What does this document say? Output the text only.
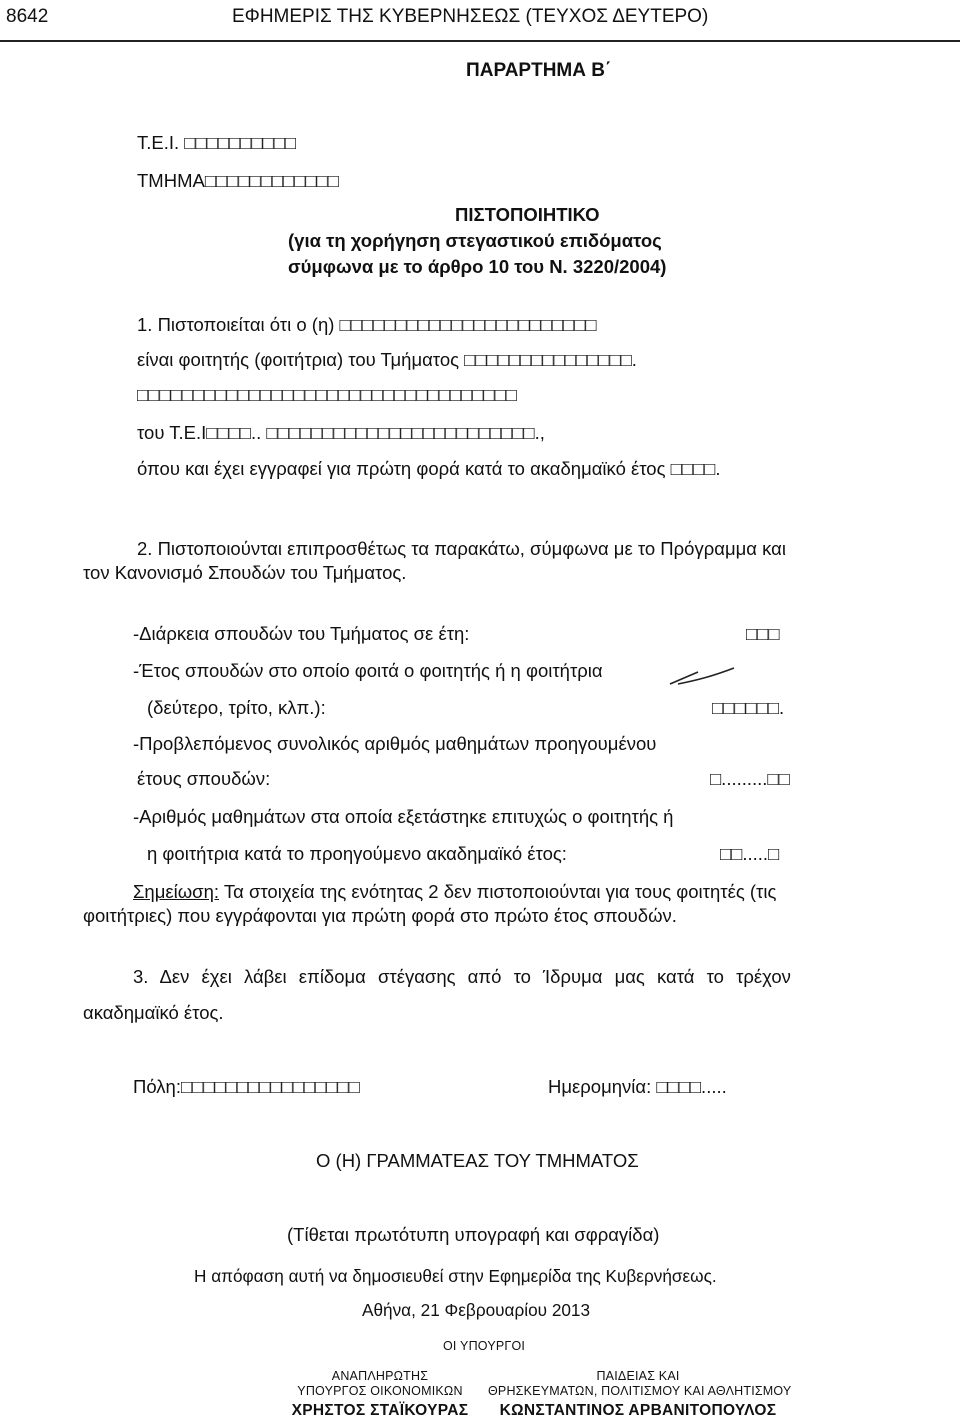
8642	ΕΦΗΜΕΡΙΣ ΤΗΣ ΚΥΒΕΡΝΗΣΕΩΣ (ΤΕΥΧΟΣ ΔΕΥΤΕΡΟ)
ΠΑΡΑΡΤΗΜΑ Β΄
Τ.Ε.Ι. □□□□□□□□□□
ΤΜΗΜΑ□□□□□□□□□□□□
ΠΙΣΤΟΠΟΙΗΤΙΚΟ
(για τη χορήγηση στεγαστικού επιδόματος
σύμφωνα με το άρθρο 10 του Ν. 3220/2004)
1. Πιστοποιείται ότι ο (η) □□□□□□□□□□□□□□□□□□□□□□□
είναι φοιτητής (φοιτήτρια) του Τμήματος □□□□□□□□□□□□□□□.
□□□□□□□□□□□□□□□□□□□□□□□□□□□□□□□□□□
του Τ.Ε.Ι□□□□.. □□□□□□□□□□□□□□□□□□□□□□□□.,
όπου και έχει εγγραφεί για πρώτη φορά κατά το ακαδημαϊκό έτος □□□□.
2. Πιστοποιούνται επιπροσθέτως τα παρακάτω, σύμφωνα με το Πρόγραμμα και
τον Κανονισμό Σπουδών του Τμήματος.
-Διάρκεια σπουδών του Τμήματος σε έτη:	□□□
-Έτος σπουδών στο οποίο φοιτά ο φοιτητής ή η φοιτήτρια
(δεύτερο, τρίτο, κλπ.):	□□□□□□.
-Προβλεπόμενος συνολικός αριθμός μαθημάτων προηγουμένου
έτους σπουδών:	□.........□□
-Αριθμός μαθημάτων στα οποία εξετάστηκε επιτυχώς ο φοιτητής ή
η φοιτήτρια κατά το προηγούμενο ακαδημαϊκό έτος:	□□.....□
Σημείωση: Τα στοιχεία της ενότητας 2 δεν πιστοποιούνται για τους φοιτητές (τις
φοιτήτριες) που εγγράφονται για πρώτη φορά στο πρώτο έτος σπουδών.
3. Δεν έχει λάβει επίδομα στέγασης από το Ίδρυμα μας κατά το τρέχον
ακαδημαϊκό έτος.
Πόλη:□□□□□□□□□□□□□□□□	Ημερομηνία: □□□□.....
Ο (Η) ΓΡΑΜΜΑΤΕΑΣ ΤΟΥ ΤΜΗΜΑΤΟΣ
(Τίθεται πρωτότυπη υπογραφή και σφραγίδα)
Η απόφαση αυτή να δημοσιευθεί στην Εφημερίδα της Κυβερνήσεως.
Αθήνα, 21 Φεβρουαρίου 2013
ΟΙ ΥΠΟΥΡΓΟΙ
ΑΝΑΠΛΗΡΩΤΗΣ
ΥΠΟΥΡΓΟΣ ΟΙΚΟΝΟΜΙΚΩΝ
ΧΡΗΣΤΟΣ ΣΤΑΪΚΟΥΡΑΣ
ΠΑΙΔΕΙΑΣ ΚΑΙ
ΘΡΗΣΚΕΥΜΑΤΩΝ, ΠΟΛΙΤΙΣΜΟΥ ΚΑΙ ΑΘΛΗΤΙΣΜΟΥ
ΚΩΝΣΤΑΝΤΙΝΟΣ ΑΡΒΑΝΙΤΟΠΟΥΛΟΣ
